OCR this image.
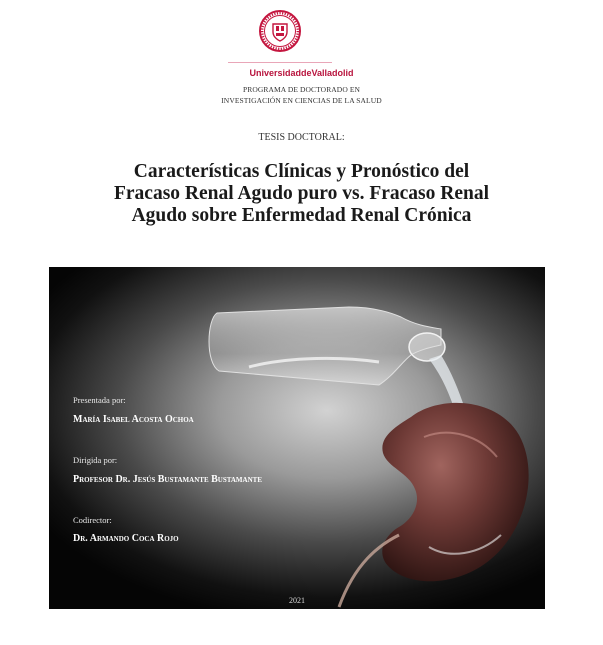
UniversidaddeValladolid
PROGRAMA DE DOCTORADO EN
INVESTIGACIÓN EN CIENCIAS DE LA SALUD
TESIS DOCTORAL:
Características Clínicas y Pronóstico del
Fracaso Renal Agudo puro vs. Fracaso Renal
Agudo sobre Enfermedad Renal Crónica
Presentada por:
María Isabel Acosta Ochoa
Dirigida por:
Profesor Dr. Jesús Bustamante Bustamante
Codirector:
Dr. Armando Coca Rojo
2021
